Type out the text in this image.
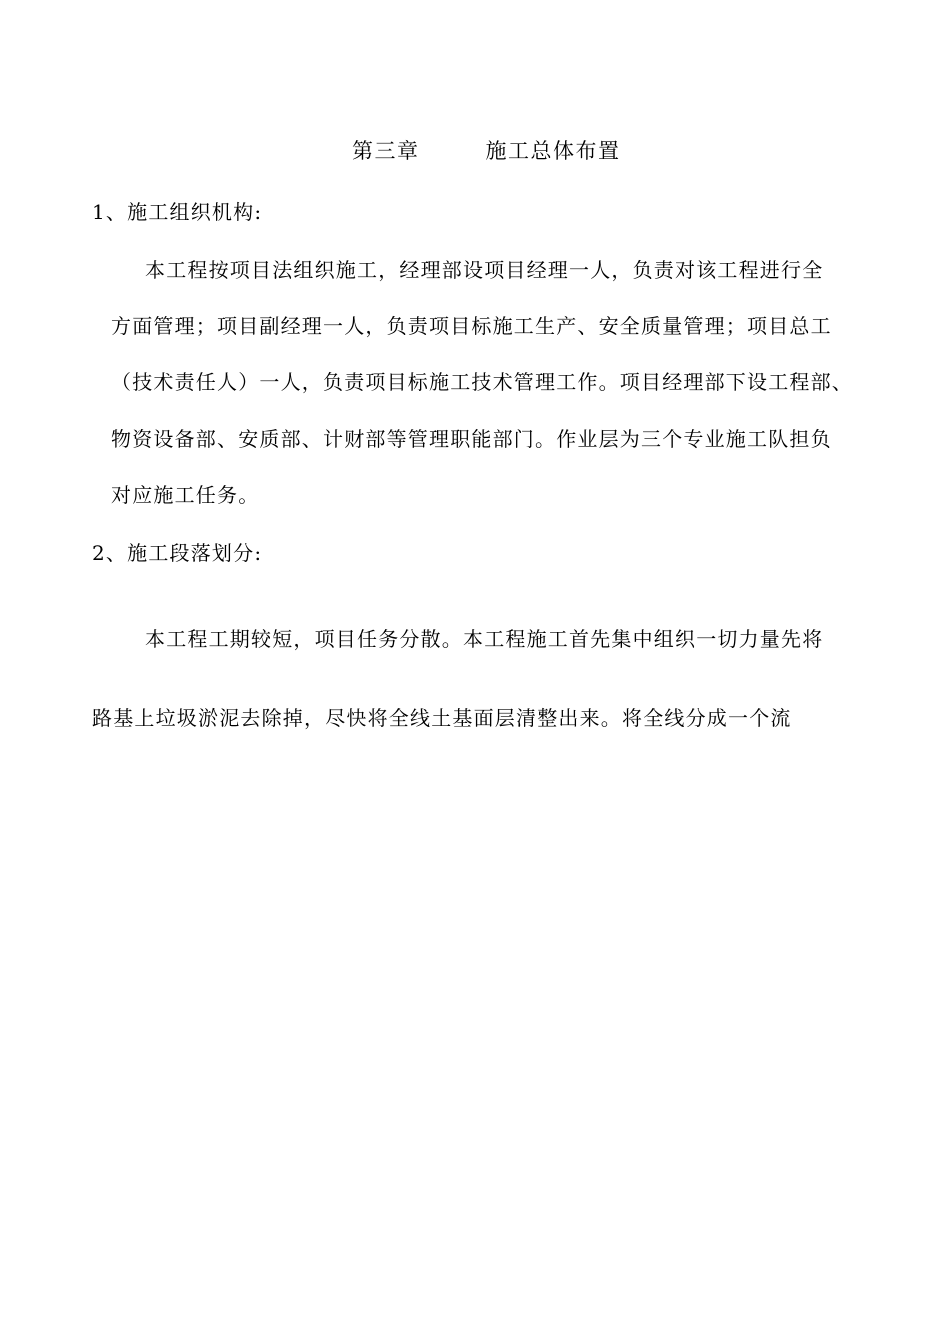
第三章	施工总体布置
1、施工组织机构:
本工程按项目法组织施工，经理部设项目经理一人，负责对该工程进行全
方面管理；项目副经理一人，负责项目标施工生产、安全质量管理；项目总工
（技术责任人）一人，负责项目标施工技术管理工作。项目经理部下设工程部、
物资设备部、安质部、计财部等管理职能部门。作业层为三个专业施工队担负
对应施工任务。
2、施工段落划分:
本工程工期较短，项目任务分散。本工程施工首先集中组织一切力量先将
路基上垃圾淤泥去除掉，尽快将全线土基面层清整出来。将全线分成一个流
